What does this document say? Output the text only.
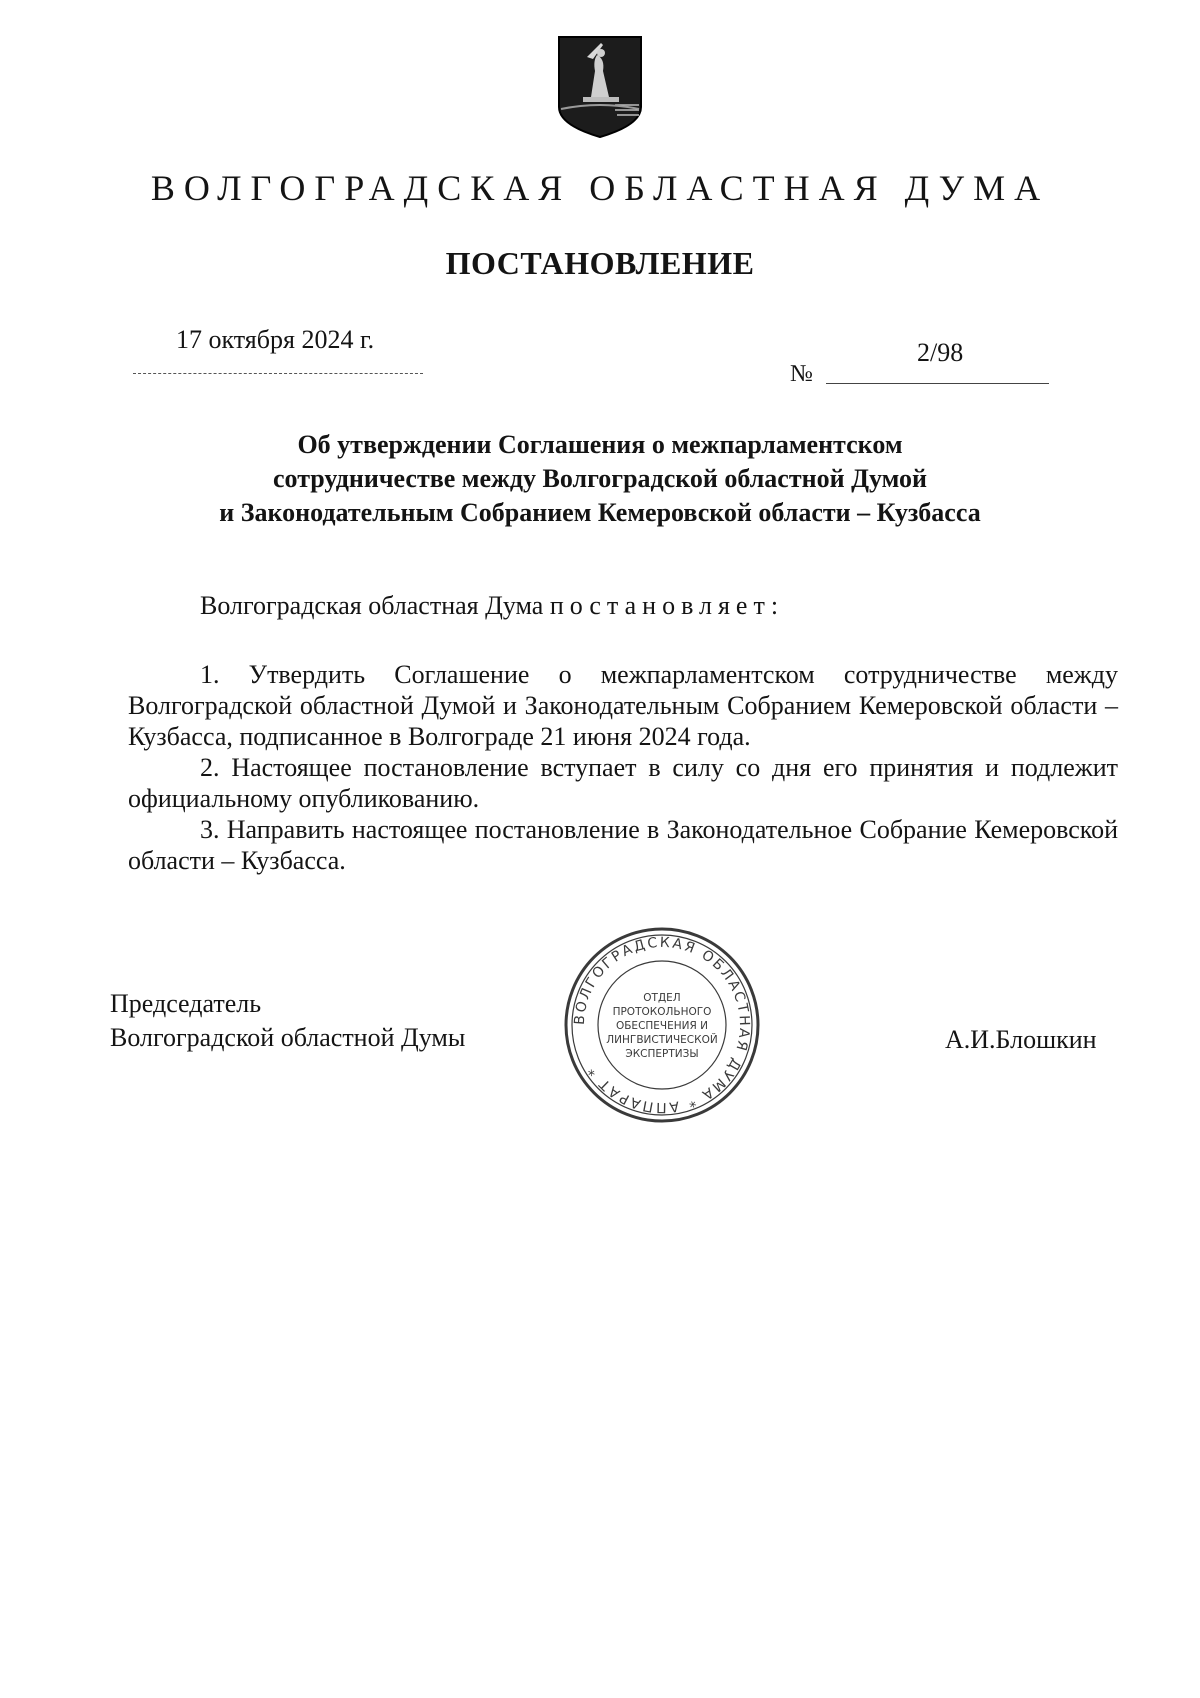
ВОЛГОГРАДСКАЯ ОБЛАСТНАЯ ДУМА
ПОСТАНОВЛЕНИЕ
17 октября 2024 г.
№
2/98
Об утверждении Соглашения о межпарламентском
сотрудничестве между Волгоградской областной Думой
и Законодательным Собранием Кемеровской области – Кузбасса
Волгоградская областная Дума постановляет:

1. Утвердить Соглашение о межпарламентском сотрудничестве между Волгоградской областной Думой и Законодательным Собранием Кемеровской области – Кузбасса, подписанное в Волгограде 21 июня 2024 года.

2. Настоящее постановление вступает в силу со дня его принятия и подлежит официальному опубликованию.

3. Направить настоящее постановление в Законодательное Собрание Кемеровской области – Кузбасса.

Председатель
Волгоградской областной Думы	А.И.Блошкин
ВОЛГОГРАДСКАЯ ОБЛАСТНАЯ ДУМА * АППАРАТ *
ОТДЕЛ
ПРОТОКОЛЬНОГО
ОБЕСПЕЧЕНИЯ И
ЛИНГВИСТИЧЕСКОЙ
ЭКСПЕРТИЗЫ
